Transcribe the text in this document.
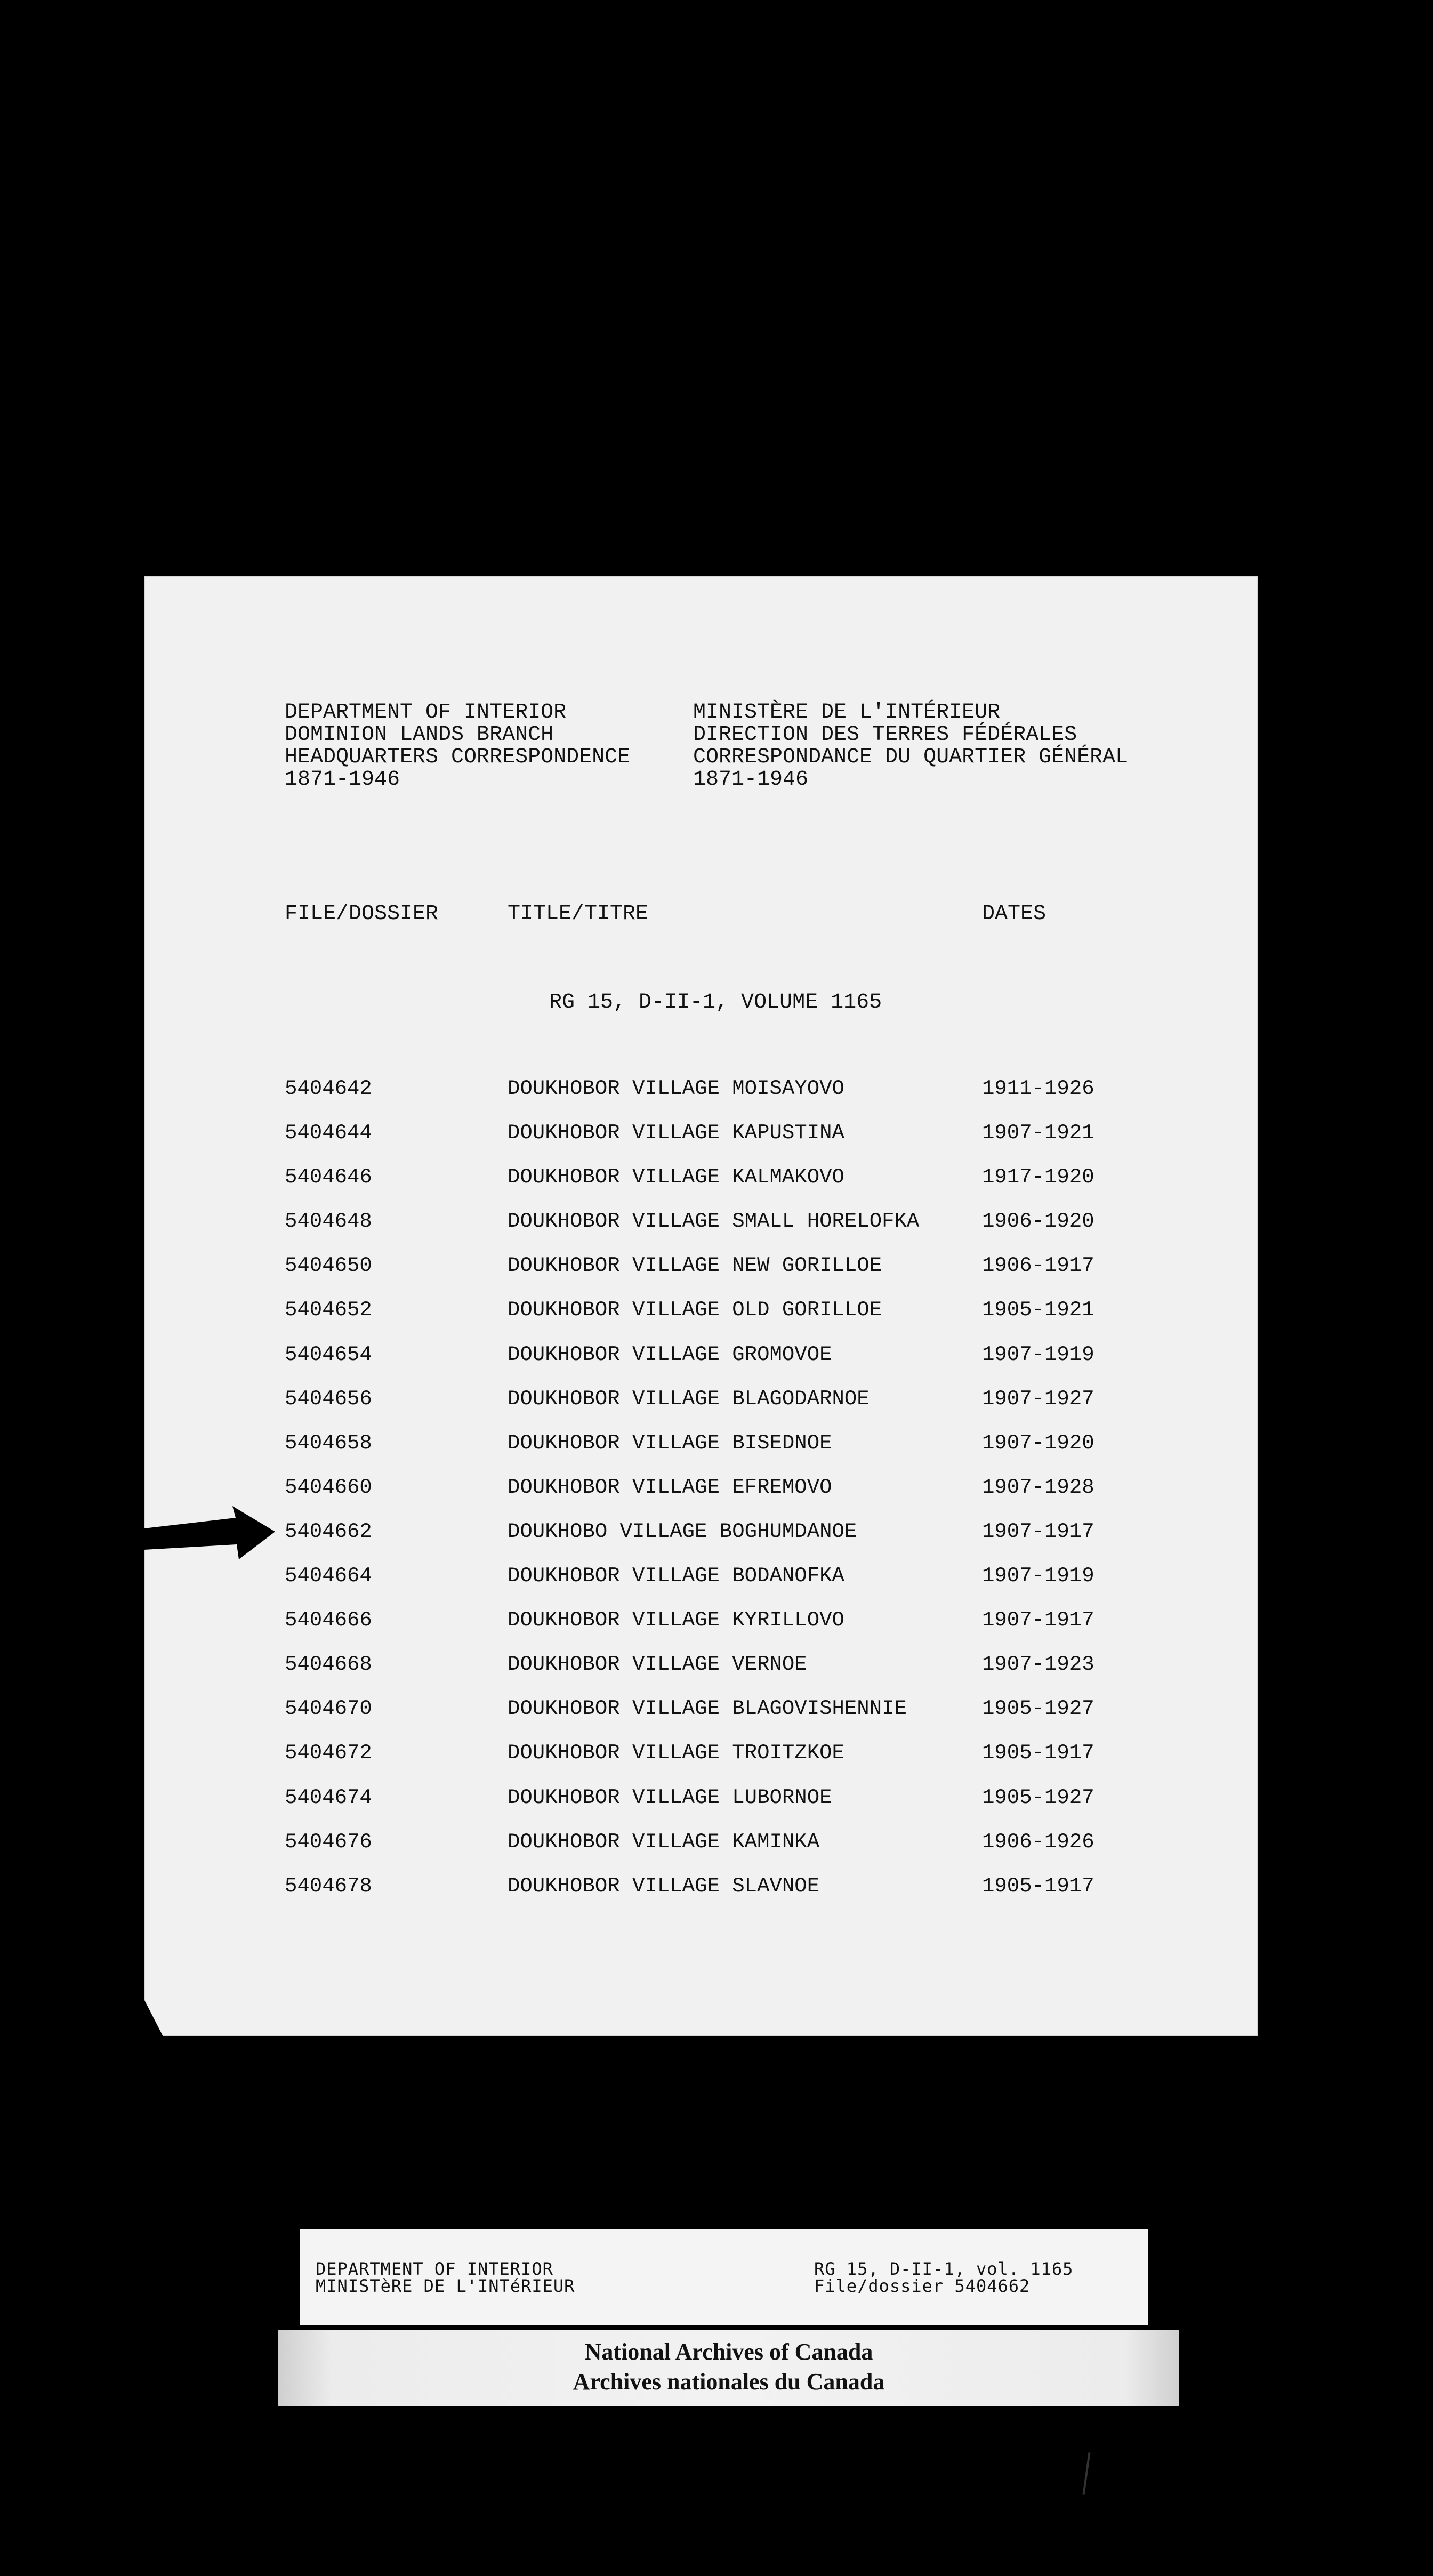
DEPARTMENT OF INTERIOR
DOMINION LANDS BRANCH
HEADQUARTERS CORRESPONDENCE
1871-1946
MINISTÈRE DE L'INTÉRIEUR
DIRECTION DES TERRES FÉDÉRALES
CORRESPONDANCE DU QUARTIER GÉNÉRAL
1871-1946
FILE/DOSSIER	TITLE/TITRE	DATES
RG 15, D-II-1, VOLUME 1165
5404642	DOUKHOBOR VILLAGE MOISAYOVO	1911-1926
5404644	DOUKHOBOR VILLAGE KAPUSTINA	1907-1921
5404646	DOUKHOBOR VILLAGE KALMAKOVO	1917-1920
5404648	DOUKHOBOR VILLAGE SMALL HORELOFKA	1906-1920
5404650	DOUKHOBOR VILLAGE NEW GORILLOE	1906-1917
5404652	DOUKHOBOR VILLAGE OLD GORILLOE	1905-1921
5404654	DOUKHOBOR VILLAGE GROMOVOE	1907-1919
5404656	DOUKHOBOR VILLAGE BLAGODARNOE	1907-1927
5404658	DOUKHOBOR VILLAGE BISEDNOE	1907-1920
5404660	DOUKHOBOR VILLAGE EFREMOVO	1907-1928
5404662	DOUKHOBO VILLAGE BOGHUMDANOE	1907-1917
5404664	DOUKHOBOR VILLAGE BODANOFKA	1907-1919
5404666	DOUKHOBOR VILLAGE KYRILLOVO	1907-1917
5404668	DOUKHOBOR VILLAGE VERNOE	1907-1923
5404670	DOUKHOBOR VILLAGE BLAGOVISHENNIE	1905-1927
5404672	DOUKHOBOR VILLAGE TROITZKOE	1905-1917
5404674	DOUKHOBOR VILLAGE LUBORNOE	1905-1927
5404676	DOUKHOBOR VILLAGE KAMINKA	1906-1926
5404678	DOUKHOBOR VILLAGE SLAVNOE	1905-1917
DEPARTMENT OF INTERIOR
MINISTèRE DE L'INTéRIEUR
RG 15, D-II-1, vol. 1165
File/dossier 5404662
National Archives of Canada
Archives nationales du Canada
